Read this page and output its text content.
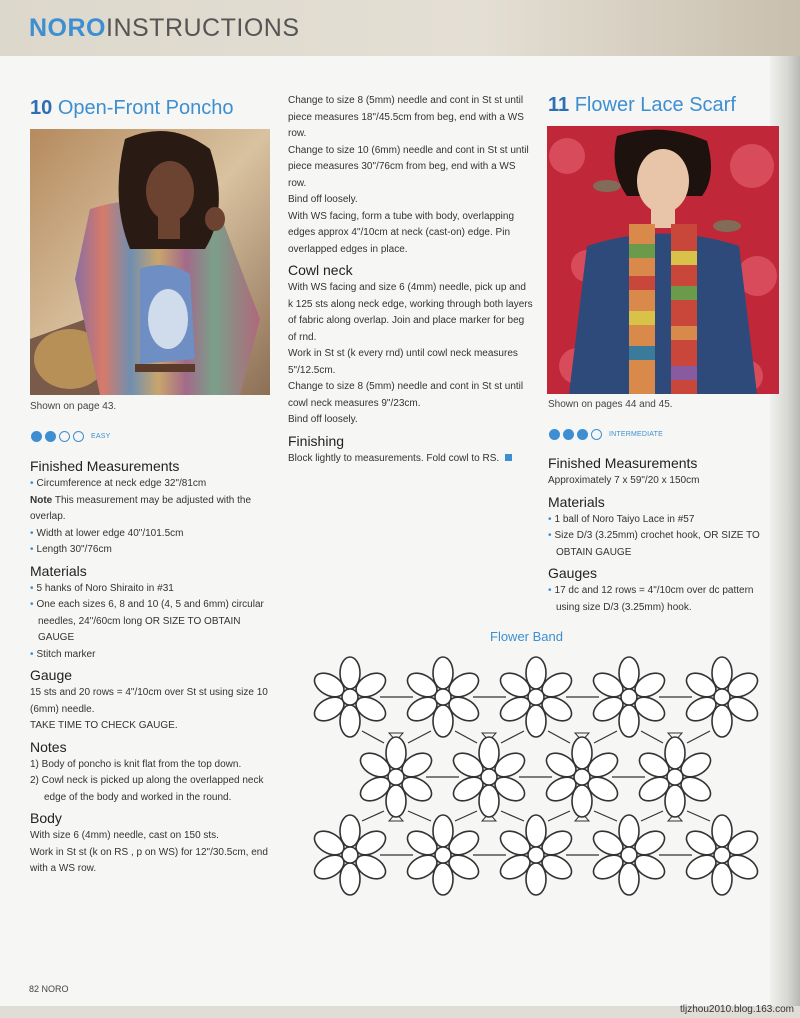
NOROINSTRUCTIONS
10 Open-Front Poncho
Shown on page 43.
EASY
Finished Measurements

• Circumference at neck edge 32"/81cm

Note This measurement may be adjusted with the overlap.

• Width at lower edge 40"/101.5cm

• Length 30"/76cm

Materials

• 5 hanks of Noro Shiraito in #31

• One each sizes 6, 8 and 10 (4, 5 and 6mm) circular needles, 24"/60cm long OR SIZE TO OBTAIN GAUGE

• Stitch marker

Gauge

15 sts and 20 rows = 4"/10cm over St st using size 10 (6mm) needle.

TAKE TIME TO CHECK GAUGE.

Notes

1) Body of poncho is knit flat from the top down.

2) Cowl neck is picked up along the overlapped neck edge of the body and worked in the round.

Body

With size 6 (4mm) needle, cast on 150 sts.

Work in St st (k on RS , p on WS) for 12"/30.5cm, end with a WS row.

Change to size 8 (5mm) needle and cont in St st until piece measures 18"/45.5cm from beg, end with a WS row.

Change to size 10 (6mm) needle and cont in St st until piece measures 30"/76cm from beg, end with a WS row.

Bind off loosely.

With WS facing, form a tube with body, overlapping edges approx 4"/10cm at neck (cast-on) edge. Pin overlapped edges in place.

Cowl neck

With WS facing and size 6 (4mm) needle, pick up and k 125 sts along neck edge, working through both layers of fabric along overlap. Join and place marker for beg of rnd.

Work in St st (k every rnd) until cowl neck measures 5"/12.5cm.

Change to size 8 (5mm) needle and cont in St st until cowl neck measures 9"/23cm.

Bind off loosely.

Finishing

Block lightly to measurements. Fold cowl to RS.

11 Flower Lace Scarf
Shown on pages 44 and 45.
INTERMEDIATE
Finished Measurements

Approximately 7 x 59"/20 x 150cm

Materials

• 1 ball of Noro Taiyo Lace in #57

• Size D/3 (3.25mm) crochet hook, OR SIZE TO OBTAIN GAUGE

Gauges

• 17 dc and 12 rows = 4"/10cm over dc pattern using size D/3 (3.25mm) hook.

Flower Band
82 NORO
tljzhou2010.blog.163.com
